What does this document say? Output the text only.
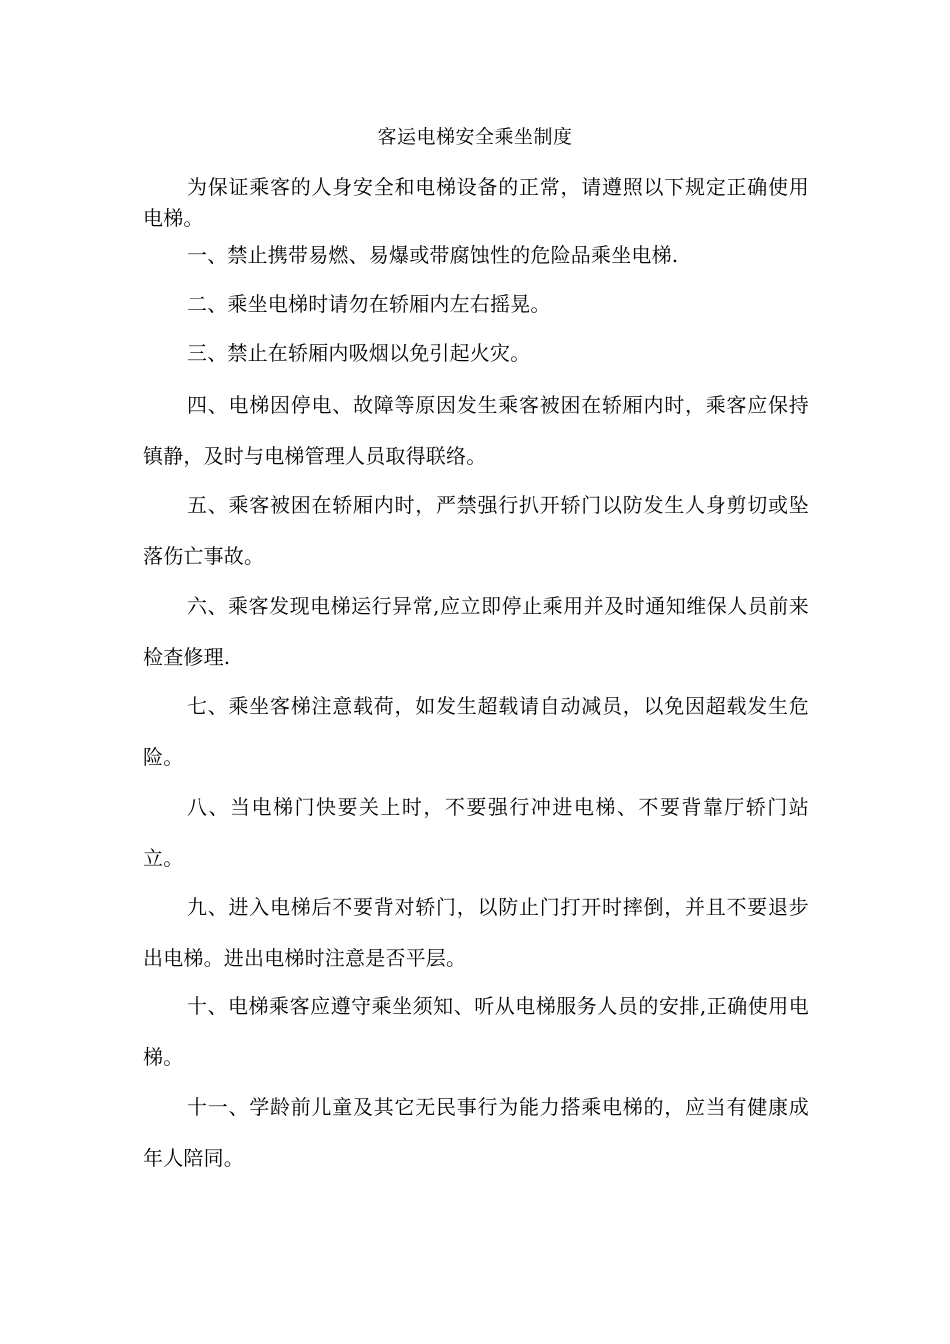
客运电梯安全乘坐制度
为保证乘客的人身安全和电梯设备的正常，请遵照以下规定正确使用电梯。
一、禁止携带易燃、易爆或带腐蚀性的危险品乘坐电梯.
二、乘坐电梯时请勿在轿厢内左右摇晃。
三、禁止在轿厢内吸烟以免引起火灾。
四、电梯因停电、故障等原因发生乘客被困在轿厢内时，乘客应保持镇静，及时与电梯管理人员取得联络。
五、乘客被困在轿厢内时，严禁强行扒开轿门以防发生人身剪切或坠落伤亡事故。
六、乘客发现电梯运行异常,应立即停止乘用并及时通知维保人员前来检查修理.
七、乘坐客梯注意载荷，如发生超载请自动减员，以免因超载发生危险。
八、当电梯门快要关上时，不要强行冲进电梯、不要背靠厅轿门站立。
九、进入电梯后不要背对轿门，以防止门打开时摔倒，并且不要退步出电梯。进出电梯时注意是否平层。
十、电梯乘客应遵守乘坐须知、听从电梯服务人员的安排,正确使用电梯。
十一、学龄前儿童及其它无民事行为能力搭乘电梯的，应当有健康成年人陪同。
